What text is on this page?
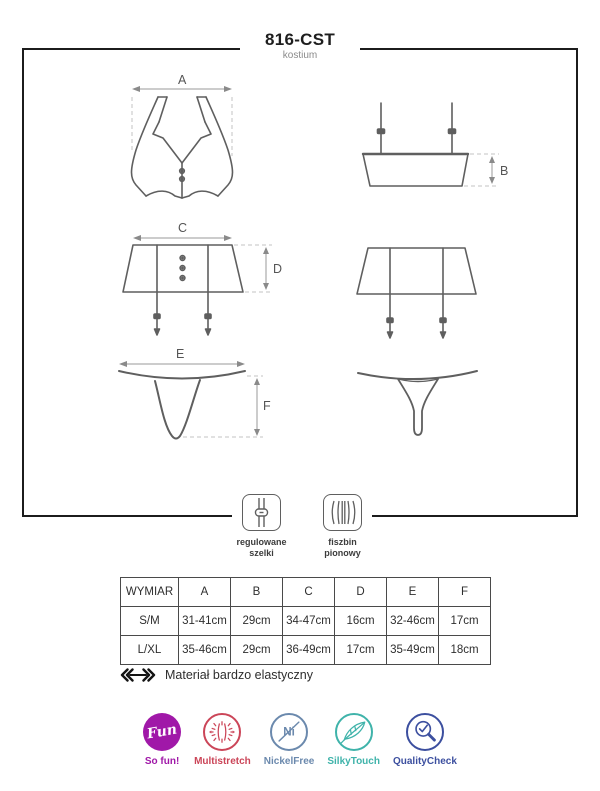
A
B
C
D
E
F
816-CST
kostium
regulowane
szelki
fiszbin
pionowy
WYMIAR	A	B	C	D	E	F
S/M	31-41cm	29cm	34-47cm	16cm	32-46cm	17cm
L/XL	35-46cm	29cm	36-49cm	17cm	35-49cm	18cm
Materiał bardzo elastyczny
Fun
So fun! Multistretch
Ni
NickelFree SilkyTouch QualityCheck
